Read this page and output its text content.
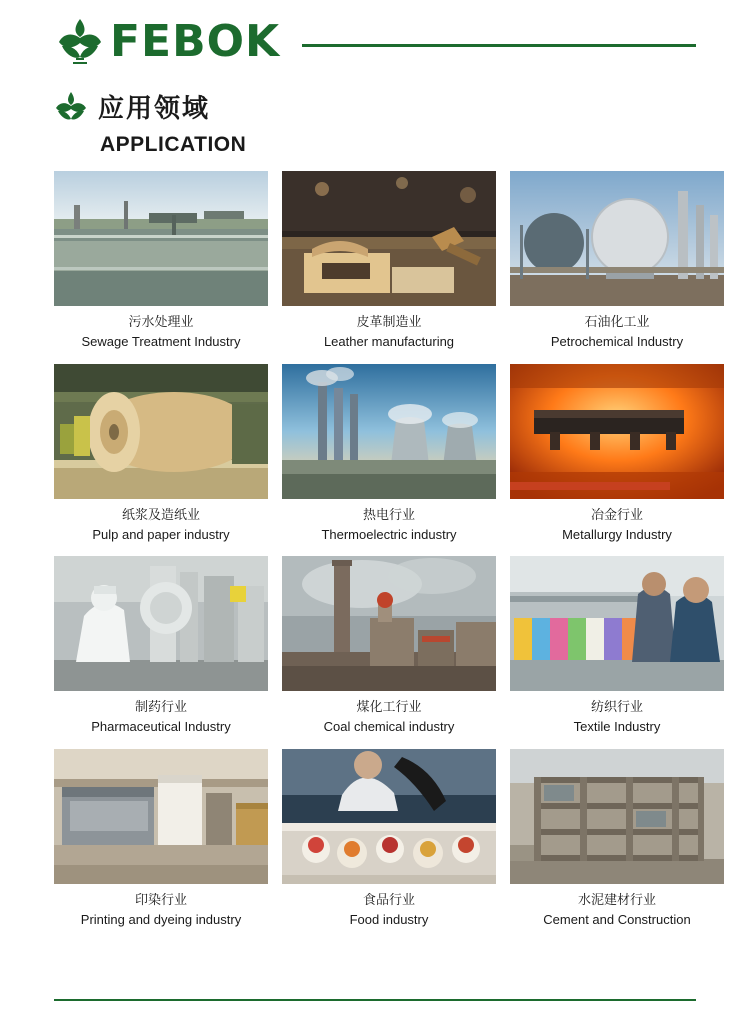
FEBOK
应用领域
APPLICATION
污水处理业
Sewage Treatment Industry
皮革制造业
Leather manufacturing
石油化工业
Petrochemical Industry
纸浆及造纸业
Pulp and paper industry
热电行业
Thermoelectric industry
冶金行业
Metallurgy Industry
制药行业
Pharmaceutical Industry
煤化工行业
Coal chemical industry
纺织行业
Textile Industry
印染行业
Printing and dyeing industry
食品行业
Food industry
水泥建材行业
Cement and Construction
